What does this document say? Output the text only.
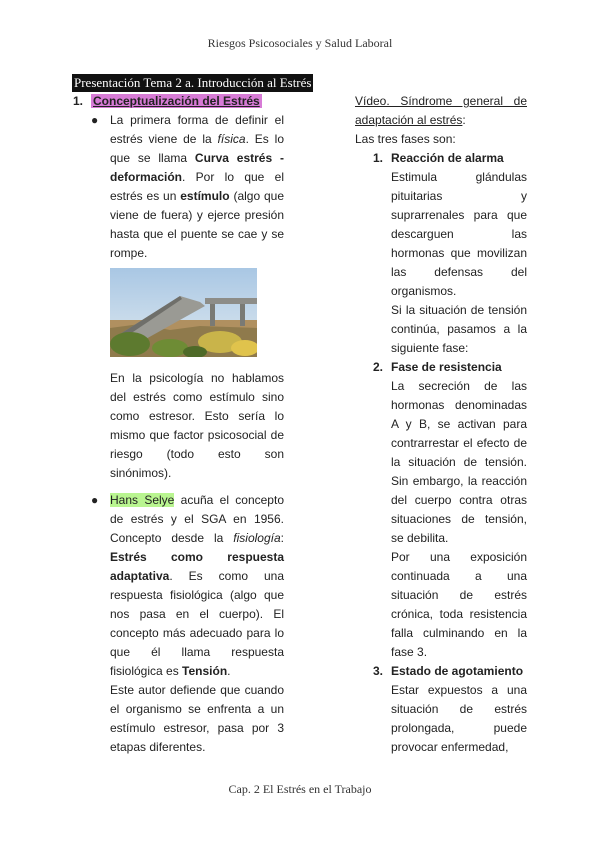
Riesgos Psicosociales y Salud Laboral
Presentación Tema 2 a. Introducción al Estrés
1. Conceptualización del Estrés
● La primera forma de definir el estrés viene de la física. Es lo que se llama Curva estrés - deformación. Por lo que el estrés es un estímulo (algo que viene de fuera) y ejerce presión hasta que el puente se cae y se rompe.
En la psicología no hablamos del estrés como estímulo sino como estresor. Esto sería lo mismo que factor psicosocial de riesgo (todo esto son sinónimos).
● Hans Selye acuña el concepto de estrés y el SGA en 1956. Concepto desde la fisiología: Estrés como respuesta adaptativa. Es como una respuesta fisiológica (algo que nos pasa en el cuerpo). El concepto más adecuado para lo que él llama respuesta fisiológica es Tensión.
Este autor defiende que cuando el organismo se enfrenta a un estímulo estresor, pasa por 3 etapas diferentes.
Vídeo. Síndrome general de adaptación al estrés:
Las tres fases son:
1. Reacción de alarma
Estimula glándulas pituitarias y suprarrenales para que descarguen las hormonas que movilizan las defensas del organismos.
Si la situación de tensión continúa, pasamos a la siguiente fase:
2. Fase de resistencia
La secreción de las hormonas denominadas A y B, se activan para contrarrestar el efecto de la situación de tensión. Sin embargo, la reacción del cuerpo contra otras situaciones de tensión, se debilita.
Por una exposición continuada a una situación de estrés crónica, toda resistencia falla culminando en la fase 3.
3. Estado de agotamiento
Estar expuestos a una situación de estrés prolongada, puede provocar enfermedad,
Cap. 2 El Estrés en el Trabajo
